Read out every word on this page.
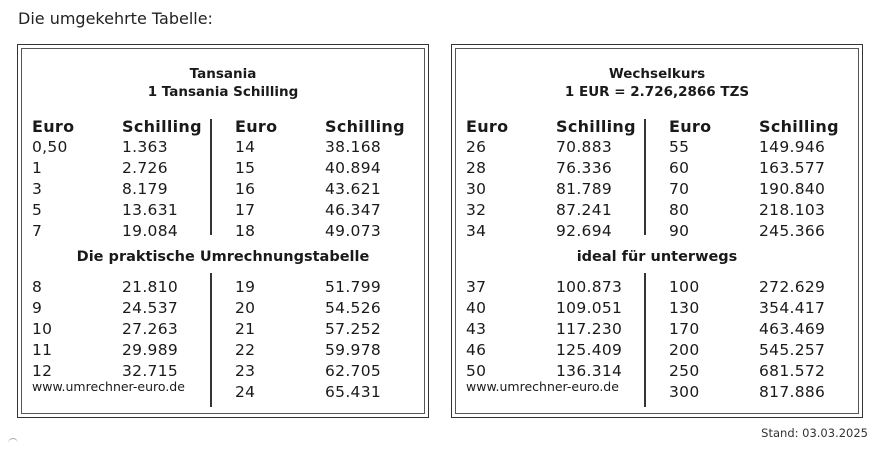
Die umgekehrte Tabelle:
Tansania
1 Tansania Schilling
Euro	Schilling Euro	Schilling
0,50	1.363	14	38.168
1	2.726	15	40.894
3	8.179	16	43.621
5	13.631	17	46.347
7	19.084	18	49.073
8	21.810	19	51.799
9	24.537	20	54.526
10	27.263	21	57.252
11	29.989	22	59.978
12	32.715	23	62.705
24	65.431
Die praktische Umrechnungstabelle
www.umrechner-euro.de
Wechselkurs
1 EUR = 2.726,2866 TZS
Euro	Schilling Euro	Schilling
26	70.883	55	149.946
28	76.336	60	163.577
30	81.789	70	190.840
32	87.241	80	218.103
34	92.694	90	245.366
37	100.873	100	272.629
40	109.051	130	354.417
43	117.230	170	463.469
46	125.409	200	545.257
50	136.314	250	681.572
300	817.886
ideal für unterwegs
www.umrechner-euro.de
Stand: 03.03.2025
